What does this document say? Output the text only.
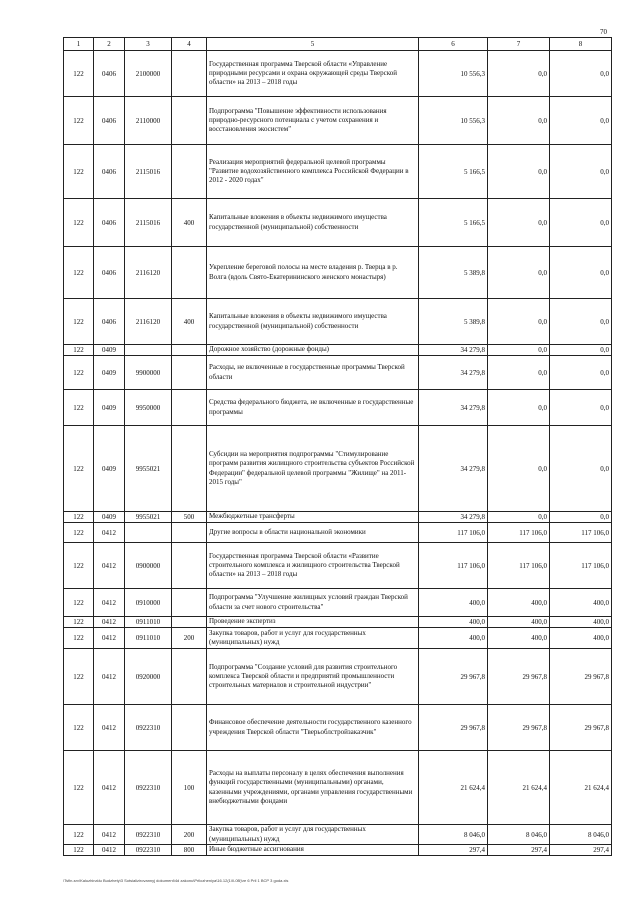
70
1	2	3	4	5	6	7	8
122	0406	2100000		Государственная программа Тверской области «Управление природными ресурсами и охрана окружающей среды Тверской области» на 2013 – 2018 годы	10 556,3	0,0	0,0
122	0406	2110000		Подпрограмма "Повышение эффективности использования природно-ресурсного потенциала с учетом сохранения и восстановления экосистем"	10 556,3	0,0	0,0
122	0406	2115016		Реализация мероприятий федеральной целевой программы "Развитие водохозяйственного комплекса Российской Федерации в 2012 - 2020 годах"	5 166,5	0,0	0,0
122	0406	2115016	400	Капитальные вложения в объекты недвижимого имущества государственной (муниципальной) собственности	5 166,5	0,0	0,0
122	0406	2116120		Укрепление береговой полосы на месте владения р. Тверца в р. Волга (вдоль Свято-Екатерининского женского монастыря)	5 389,8	0,0	0,0
122	0406	2116120	400	Капитальные вложения в объекты недвижимого имущества государственной (муниципальной) собственности	5 389,8	0,0	0,0
122	0409			Дорожное хозяйство (дорожные фонды)	34 279,8	0,0	0,0
122	0409	9900000		Расходы, не включенные в государственные программы Тверской области	34 279,8	0,0	0,0
122	0409	9950000		Средства федерального бюджета, не включенные в государственные программы	34 279,8	0,0	0,0
122	0409	9955021		Субсидии на мероприятия подпрограммы "Стимулирование программ развития жилищного строительства субъектов Российской Федерации" федеральной целевой программы "Жилище" на 2011-2015 годы"	34 279,8	0,0	0,0
122	0409	9955021	500	Межбюджетные трансферты	34 279,8	0,0	0,0
122	0412			Другие вопросы в области национальной экономики	117 106,0	117 106,0	117 106,0
122	0412	0900000		Государственная программа Тверской области «Развитие строительного комплекса и жилищного строительства Тверской области» на 2013 – 2018 годы	117 106,0	117 106,0	117 106,0
122	0412	0910000		Подпрограмма "Улучшение жилищных условий граждан Тверской области за счет нового строительства"	400,0	400,0	400,0
122	0412	0911010		Проведение экспертиз	400,0	400,0	400,0
122	0412	0911010	200	Закупка товаров, работ и услуг для государственных (муниципальных) нужд	400,0	400,0	400,0
122	0412	0920000		Подпрограмма "Создание условий для развития строительного комплекса Тверской области и предприятий промышленности строительных материалов и строительной индустрии"	29 967,8	29 967,8	29 967,8
122	0412	0922310		Финансовое обеспечение деятельности государственного казенного учреждения Тверской области "Тверьоблстройзаказчик"	29 967,8	29 967,8	29 967,8
122	0412	0922310	100	Расходы на выплаты персоналу в целях обеспечения выполнения функций государственными (муниципальными) органами, казенными учреждениями, органами управления государственными внебюджетными фондами	21 624,4	21 624,4	21 624,4
122	0412	0922310	200	Закупка товаров, работ и услуг для государственных (муниципальных) нужд	8 046,0	8 046,0	8 046,0
122	0412	0922310	800	Иные бюджетные ассигнования	297,4	297,4	297,4
\Tsfin-srv\Kaluzhina\lu Budzhety\3 Sotsializirovannyj dokument\4d zakonu\Prilozheniya\16.12(1\Il-0B)\re 6 Pril 1 BCP 3 goda.xls
